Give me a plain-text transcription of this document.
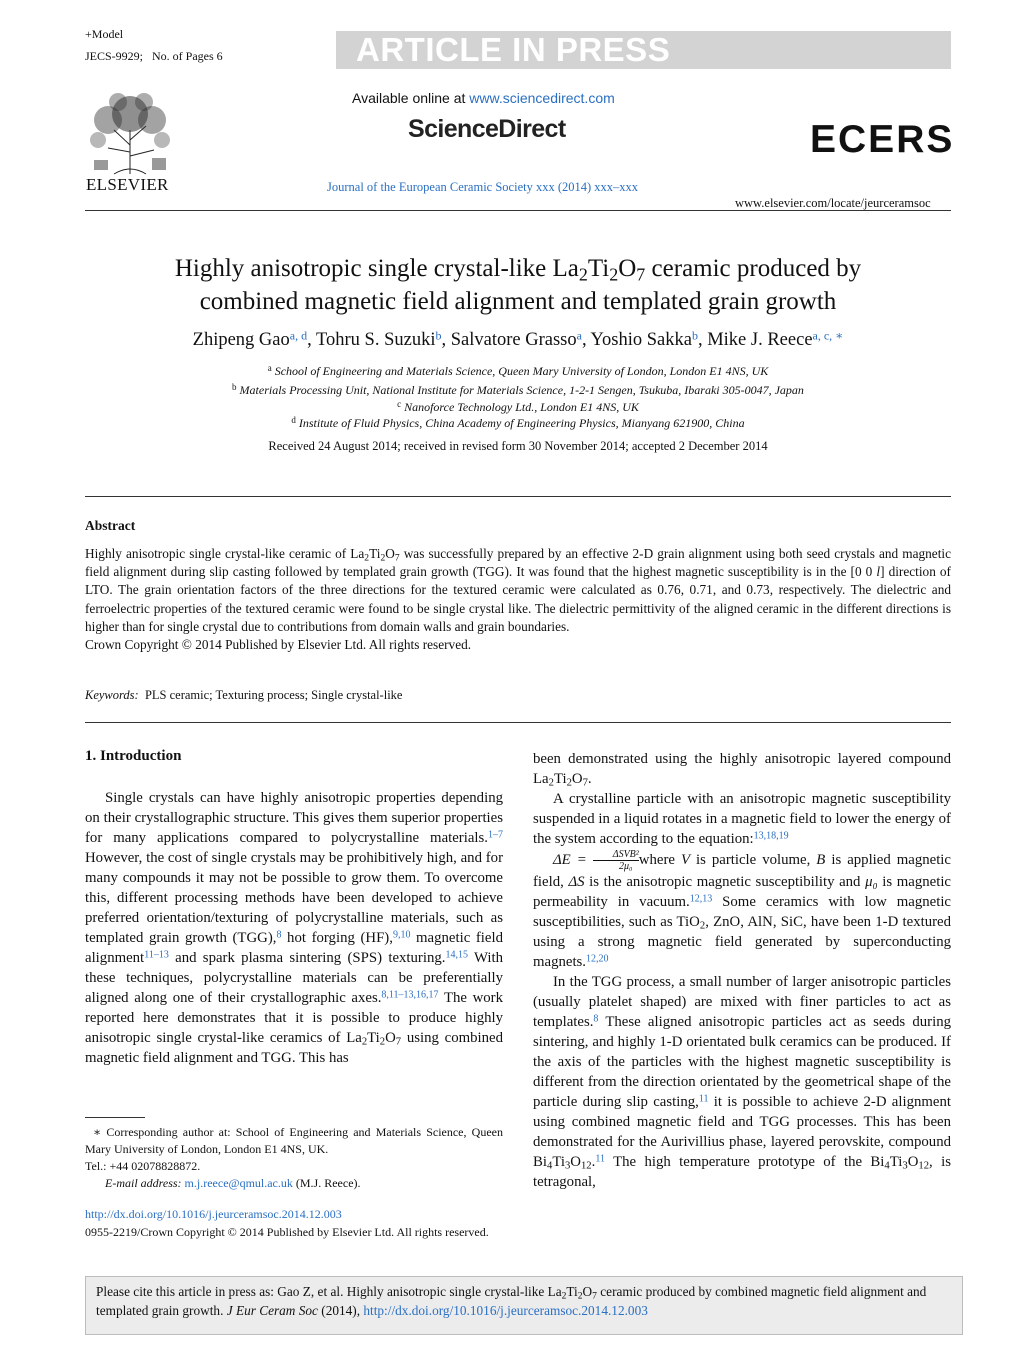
+Model
JECS-9929; No. of Pages 6	ARTICLE IN PRESS
ELSEVIER
Available online at www.sciencedirect.com
ScienceDirect
Journal of the European Ceramic Society xxx (2014) xxx–xxx
ECERS
www.elsevier.com/locate/jeurceramsoc
Highly anisotropic single crystal-like $La_2Ti_2O_7$ ceramic produced by
combined magnetic field alignment and templated grain growth
Zhipeng Gao$^{a, d}$, Tohru S. Suzuki$^b$, Salvatore Grasso$^a$, Yoshio Sakka$^b$, Mike J. Reece$^{a, c, ∗}$
$^a$ School of Engineering and Materials Science, Queen Mary University of London, London E1 4NS, UK
$^b$ Materials Processing Unit, National Institute for Materials Science, 1-2-1 Sengen, Tsukuba, Ibaraki 305-0047, Japan
$^c$ Nanoforce Technology Ltd., London E1 4NS, UK
$^d$ Institute of Fluid Physics, China Academy of Engineering Physics, Mianyang 621900, China
Received 24 August 2014; received in revised form 30 November 2014; accepted 2 December 2014
Abstract
Highly anisotropic single crystal-like ceramic of $La_2Ti_2O_7$ was successfully prepared by an effective 2-D grain alignment using both seed crystals and magnetic field alignment during slip casting followed by templated grain growth (TGG). It was found that the highest magnetic susceptibility is in the [0 0 l] direction of LTO. The grain orientation factors of the three directions for the textured ceramic were calculated as 0.76, 0.71, and 0.73, respectively. The dielectric and ferroelectric properties of the textured ceramic were found to be single crystal like. The dielectric permittivity of the aligned ceramic in the different directions is higher than for single crystal due to contributions from domain walls and grain boundaries.
Crown Copyright © 2014 Published by Elsevier Ltd. All rights reserved.
Keywords: PLS ceramic; Texturing process; Single crystal-like
1. Introduction

Single crystals can have highly anisotropic properties depending on their crystallographic structure. This gives them superior properties for many applications compared to polycrystalline materials.$^{1-7}$ However, the cost of single crystals may be prohibitively high, and for many compounds it may not be possible to grow them. To overcome this, different processing methods have been developed to achieve preferred orientation/texturing of polycrystalline materials, such as templated grain growth (TGG),$^8$ hot forging (HF),$^{9,10}$ magnetic field alignment$^{11-13}$ and spark plasma sintering (SPS) texturing.$^{14,15}$ With these techniques, polycrystalline materials can be preferentially aligned along one of their crystallographic axes.$^{8,11-13,16,17}$ The work reported here demonstrates that it is possible to produce highly anisotropic single crystal-like ceramics of $La_2Ti_2O_7$ using combined magnetic field alignment and TGG. This has

been demonstrated using the highly anisotropic layered compound $La_2Ti_2O_7$.

A crystalline particle with an anisotropic magnetic susceptibility suspended in a liquid rotates in a magnetic field to lower the energy of the system according to the equation:$^{13,18,19}$

ΔE =	ΔSVB²
2μ₀ where V is particle volume, B is applied magnetic field, ΔS is the anisotropic magnetic susceptibility and μ₀ is magnetic permeability in vacuum.$^{12,13}$ Some ceramics with low magnetic susceptibilities, such as TiO$_2$, ZnO, AlN, SiC, have been 1-D textured using a strong magnetic field generated by superconducting magnets.$^{12,20}$

In the TGG process, a small number of larger anisotropic particles (usually platelet shaped) are mixed with finer particles to act as templates.$^8$ These aligned anisotropic particles act as seeds during sintering, and highly 1-D orientated bulk ceramics can be produced. If the axis of the particles with the highest magnetic susceptibility is different from the direction orientated by the geometrical shape of the particle during slip casting,$^{11}$ it is possible to achieve 2-D alignment using combined magnetic field and TGG processes. This has been demonstrated for the Aurivillius phase, layered perovskite, compound $Bi_4Ti_3O_{12}.^{11}$ The high temperature prototype of the $Bi_4Ti_3O_{12}$, is tetragonal,

∗ Corresponding author at: School of Engineering and Materials Science, Queen Mary University of London, London E1 4NS, UK.
Tel.: +44 02078828872.
E-mail address: m.j.reece@qmul.ac.uk (M.J. Reece).
http://dx.doi.org/10.1016/j.jeurceramsoc.2014.12.003
0955-2219/Crown Copyright © 2014 Published by Elsevier Ltd. All rights reserved.
Please cite this article in press as: Gao Z, et al. Highly anisotropic single crystal-like $La_2Ti_2O_7$ ceramic produced by combined magnetic field alignment and templated grain growth. J Eur Ceram Soc (2014), http://dx.doi.org/10.1016/j.jeurceramsoc.2014.12.003
